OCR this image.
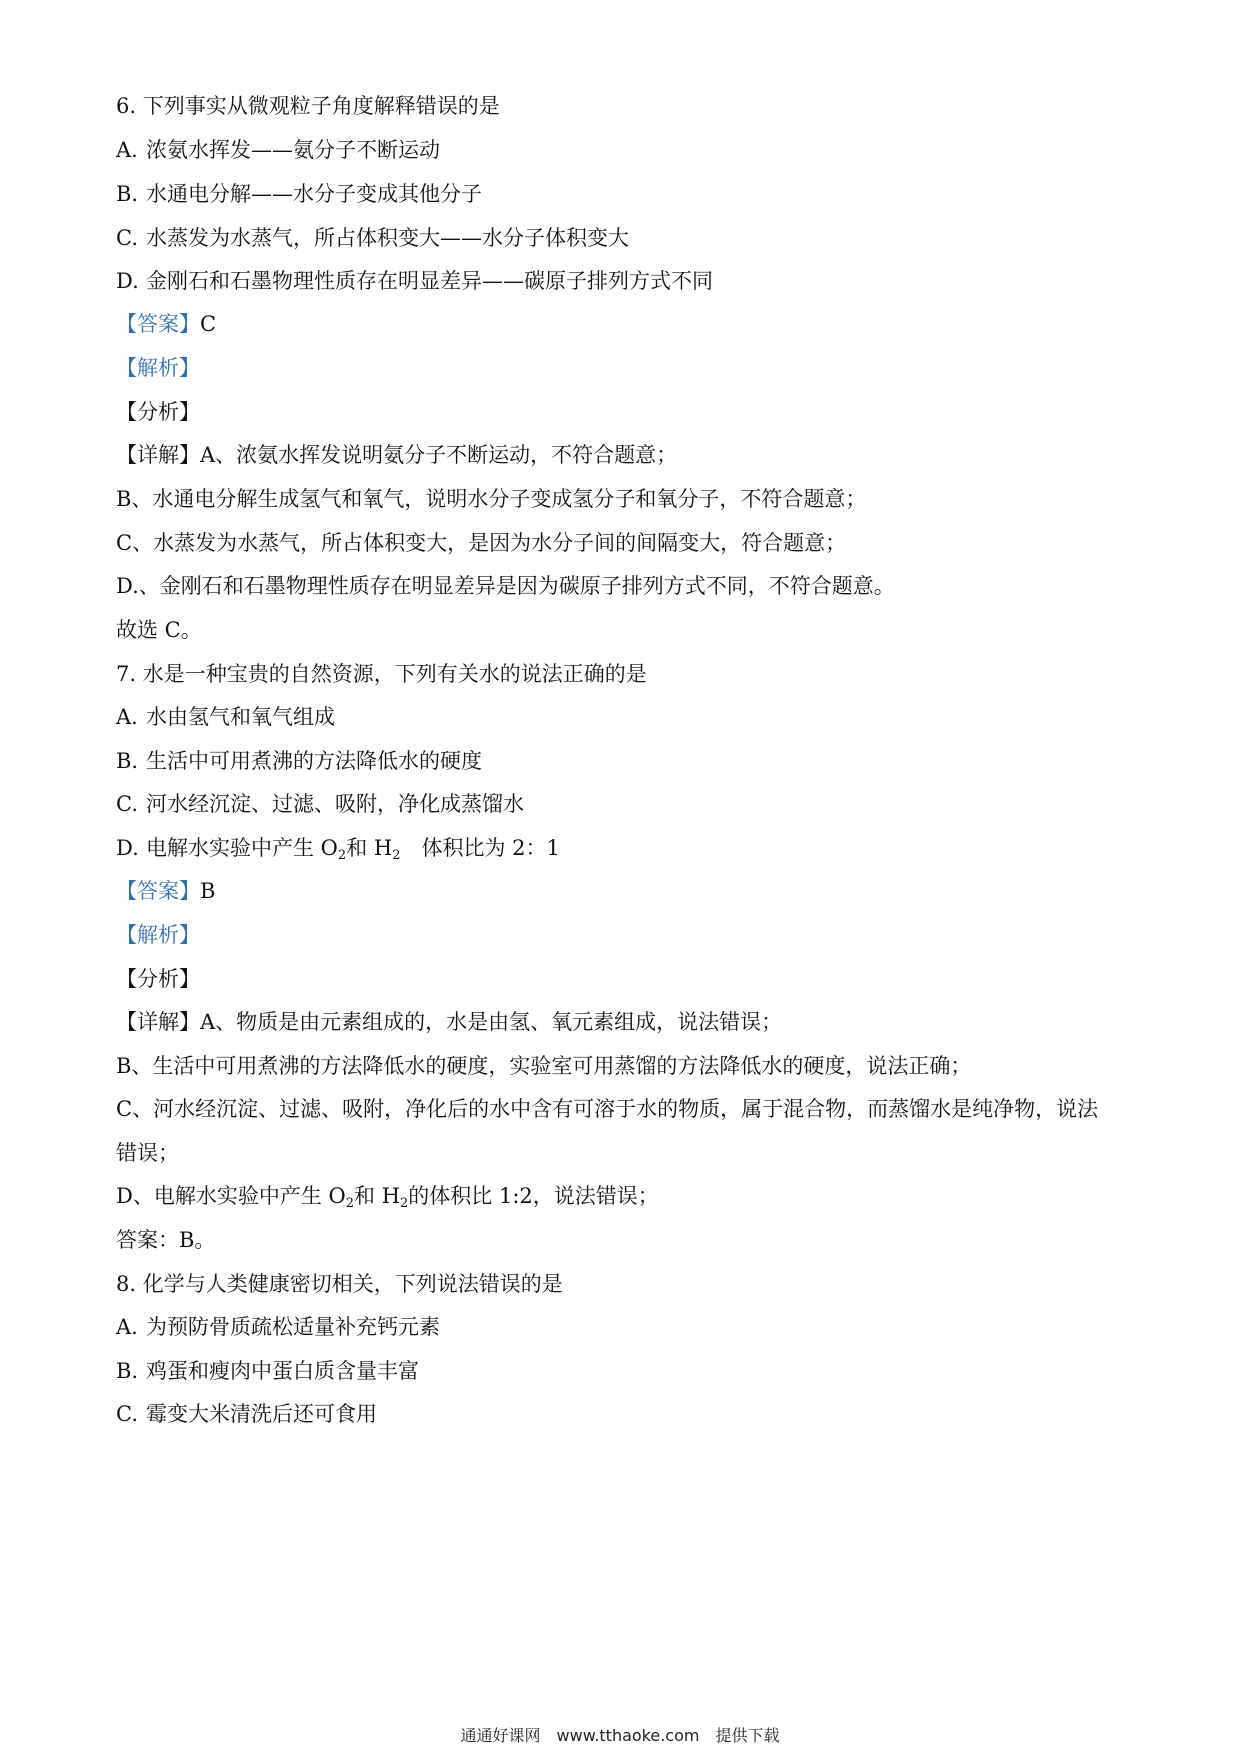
6. 下列事实从微观粒子角度解释错误的是
A. 浓氨水挥发——氨分子不断运动
B. 水通电分解——水分子变成其他分子
C. 水蒸发为水蒸气，所占体积变大——水分子体积变大
D. 金刚石和石墨物理性质存在明显差异——碳原子排列方式不同
【答案】C
【解析】
【分析】
【详解】A、浓氨水挥发说明氨分子不断运动，不符合题意；
B、水通电分解生成氢气和氧气，说明水分子变成氢分子和氧分子，不符合题意；
C、水蒸发为水蒸气，所占体积变大，是因为水分子间的间隔变大，符合题意；
D.、金刚石和石墨物理性质存在明显差异是因为碳原子排列方式不同，不符合题意。
故选 C。
7. 水是一种宝贵的自然资源，下列有关水的说法正确的是
A. 水由氢气和氧气组成
B. 生活中可用煮沸的方法降低水的硬度
C. 河水经沉淀、过滤、吸附，净化成蒸馏水
D. 电解水实验中产生 $O_2$和 $H_2$　体积比为 2：1
【答案】B
【解析】
【分析】
【详解】A、物质是由元素组成的，水是由氢、氧元素组成，说法错误；
B、生活中可用煮沸的方法降低水的硬度，实验室可用蒸馏的方法降低水的硬度，说法正确；
C、河水经沉淀、过滤、吸附，净化后的水中含有可溶于水的物质，属于混合物，而蒸馏水是纯净物，说法
错误；
D、电解水实验中产生 $O_2$和 $H_2$的体积比 1:2，说法错误；
答案：B。
8. 化学与人类健康密切相关，下列说法错误的是
A. 为预防骨质疏松适量补充钙元素
B. 鸡蛋和瘦肉中蛋白质含量丰富
C. 霉变大米清洗后还可食用
通通好课网　www.tthaoke.com　提供下载
